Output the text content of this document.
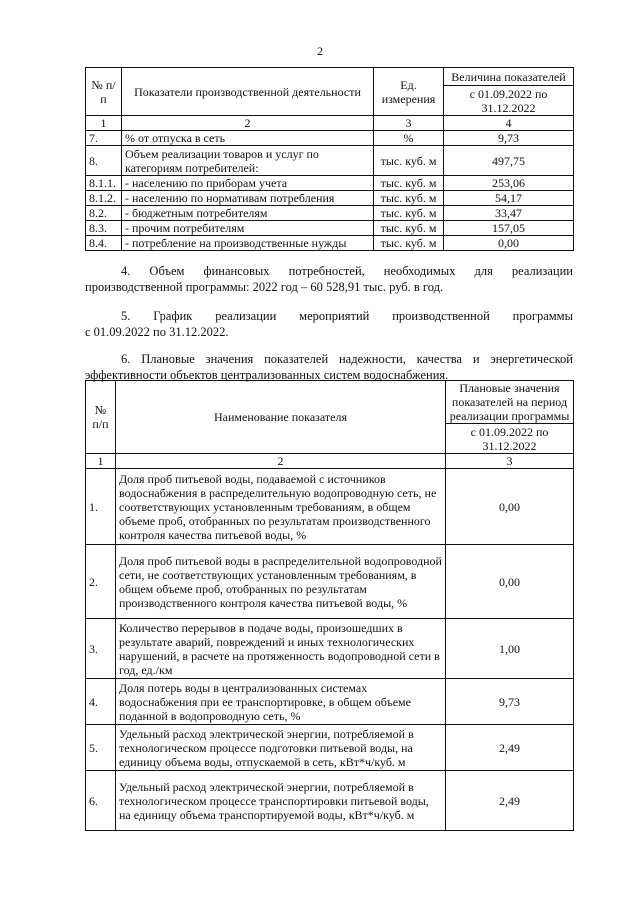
2
№ п/п	Показатели производственной деятельности	Ед. измерения	Величина показателей
			с 01.09.2022 по 31.12.2022
1	2	3	4
7.	% от отпуска в сеть	%	9,73
8.	Объем реализации товаров и услуг по категориям потребителей:	тыс. куб. м	497,75
8.1.1.	- населению по приборам учета	тыс. куб. м	253,06
8.1.2.	- населению по нормативам потребления	тыс. куб. м	54,17
8.2.	- бюджетным потребителям	тыс. куб. м	33,47
8.3.	- прочим потребителям	тыс. куб. м	157,05
8.4.	- потребление на производственные нужды	тыс. куб. м	0,00
4. Объем финансовых потребностей, необходимых для реализации
производственной программы: 2022 год – 60 528,91 тыс. руб. в год.
5. График реализации мероприятий производственной программы
с 01.09.2022 по 31.12.2022.
6. Плановые значения показателей надежности, качества и энергетической
эффективности объектов централизованных систем водоснабжения.
№ п/п	Наименование показателя	Плановые значения показателей на период реализации программы
		с 01.09.2022 по 31.12.2022
1	2	3
1.	Доля проб питьевой воды, подаваемой с источников водоснабжения в распределительную водопроводную сеть, не соответствующих установленным требованиям, в общем объеме проб, отобранных по результатам производственного контроля качества питьевой воды, %	0,00
2.	Доля проб питьевой воды в распределительной водопроводной сети, не соответствующих установленным требованиям, в общем объеме проб, отобранных по результатам производственного контроля качества питьевой воды, %	0,00
3.	Количество перерывов в подаче воды, произошедших в результате аварий, повреждений и иных технологических нарушений, в расчете на протяженность водопроводной сети в год, ед./км	1,00
4.	Доля потерь воды в централизованных системах водоснабжения при ее транспортировке, в общем объеме поданной в водопроводную сеть, %	9,73
5.	Удельный расход электрической энергии, потребляемой в технологическом процессе подготовки питьевой воды, на единицу объема воды, отпускаемой в сеть, кВт*ч/куб. м	2,49
6.	Удельный расход электрической энергии, потребляемой в технологическом процессе транспортировки питьевой воды, на единицу объема транспортируемой воды, кВт*ч/куб. м	2,49
